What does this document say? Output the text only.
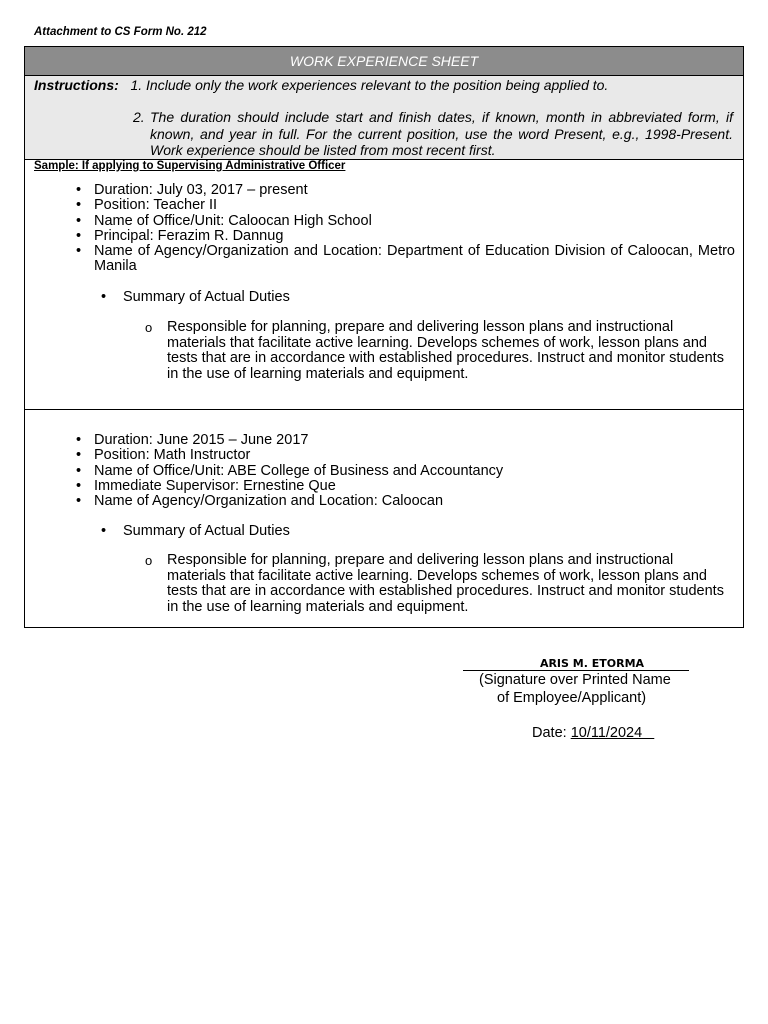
Attachment to CS Form No. 212
WORK EXPERIENCE SHEET
Instructions: 1. Include only the work experiences relevant to the position being applied to.
2. The duration should include start and finish dates, if known, month in abbreviated form, if known, and year in full. For the current position, use the word Present, e.g., 1998-Present. Work experience should be listed from most recent first.
Sample: If applying to Supervising Administrative Officer
• Duration: July 03, 2017 – present
• Position: Teacher II
• Name of Office/Unit: Caloocan High School
• Principal: Ferazim R. Dannug
• Name of Agency/Organization and Location: Department of Education Division of Caloocan, Metro Manila
• Summary of Actual Duties
o Responsible for planning, prepare and delivering lesson plans and instructional materials that facilitate active learning. Develops schemes of work, lesson plans and tests that are in accordance with established procedures. Instruct and monitor students in the use of learning materials and equipment.
• Duration: June 2015 – June 2017
• Position: Math Instructor
• Name of Office/Unit: ABE College of Business and Accountancy
• Immediate Supervisor: Ernestine Que
• Name of Agency/Organization and Location: Caloocan
• Summary of Actual Duties
o Responsible for planning, prepare and delivering lesson plans and instructional materials that facilitate active learning. Develops schemes of work, lesson plans and tests that are in accordance with established procedures. Instruct and monitor students in the use of learning materials and equipment.
ARIS M. ETORMA
(Signature over Printed Name
of Employee/Applicant)
Date: 10/11/2024
